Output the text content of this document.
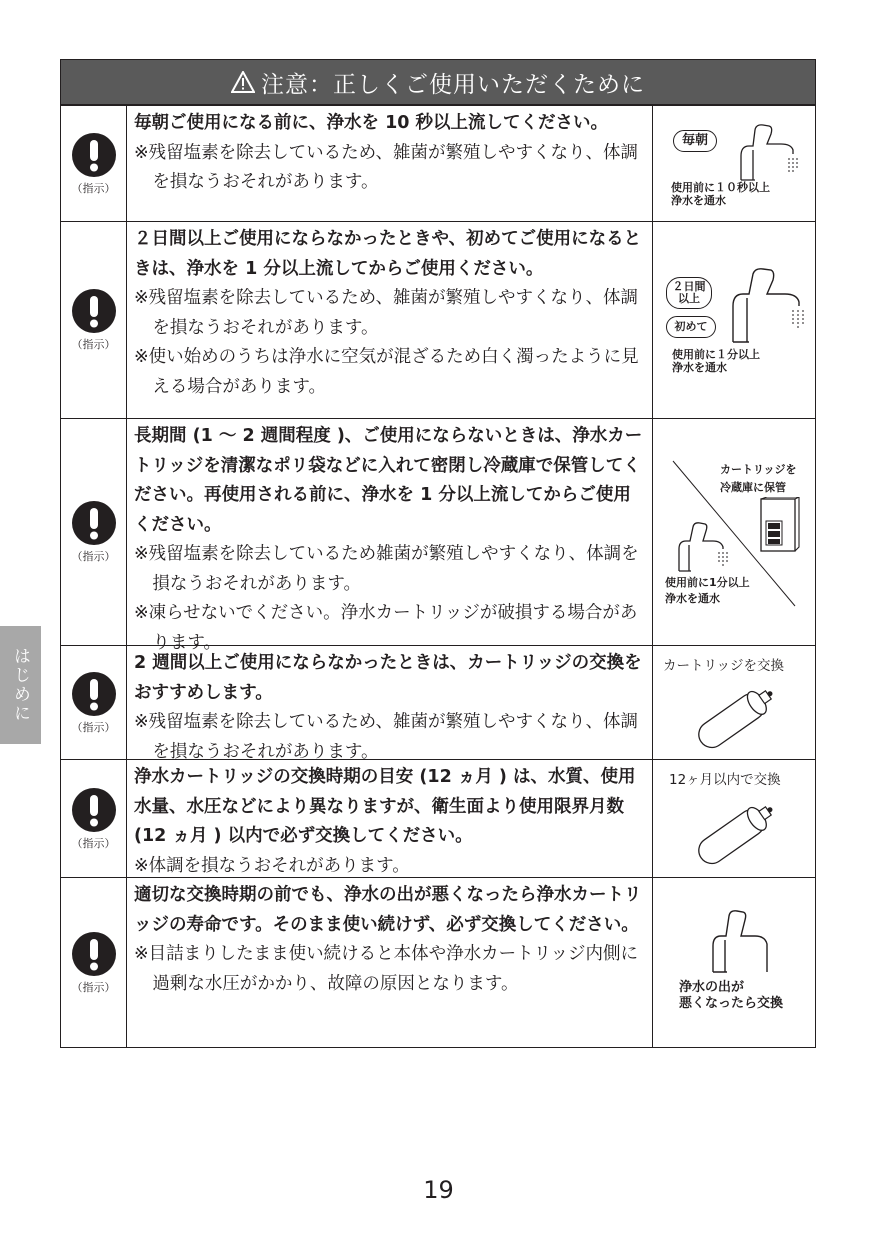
注意：正しくご使用いただくために
（指示）
毎朝ご使用になる前に、浄水を 10 秒以上流してください。
※残留塩素を除去しているため、雑菌が繁殖しやすくなり、体調を損なうおそれがあります。
毎朝
使用前に１０秒以上
浄水を通水
（指示）
２日間以上ご使用にならなかったときや、初めてご使用になるときは、浄水を 1 分以上流してからご使用ください。
※残留塩素を除去しているため、雑菌が繁殖しやすくなり、体調を損なうおそれがあります。
※使い始めのうちは浄水に空気が混ざるため白く濁ったように見える場合があります。
２日間
以上
初めて
使用前に１分以上
浄水を通水
（指示）
長期間 (1 ～ 2 週間程度 )、ご使用にならないときは、浄水カートリッジを清潔なポリ袋などに入れて密閉し冷蔵庫で保管してください。再使用される前に、浄水を 1 分以上流してからご使用ください。
※残留塩素を除去しているため雑菌が繁殖しやすくなり、体調を損なうおそれがあります。
※凍らせないでください。浄水カートリッジが破損する場合があります。
カートリッジを
冷蔵庫に保管
使用前に1分以上
浄水を通水
（指示）
2 週間以上ご使用にならなかったときは、カートリッジの交換をおすすめします。
※残留塩素を除去しているため、雑菌が繁殖しやすくなり、体調を損なうおそれがあります。
カートリッジを交換
（指示）
浄水カートリッジの交換時期の目安 (12 ヵ月 ) は、水質、使用水量、水圧などにより異なりますが、衛生面より使用限界月数 (12 ヵ月 ) 以内で必ず交換してください。
※体調を損なうおそれがあります。
12ヶ月以内で交換
（指示）
適切な交換時期の前でも、浄水の出が悪くなったら浄水カートリッジの寿命です。そのまま使い続けず、必ず交換してください。
※目詰まりしたまま使い続けると本体や浄水カートリッジ内側に過剰な水圧がかかり、故障の原因となります。	浄水の出が
悪くなったら交換
はじめに
19
